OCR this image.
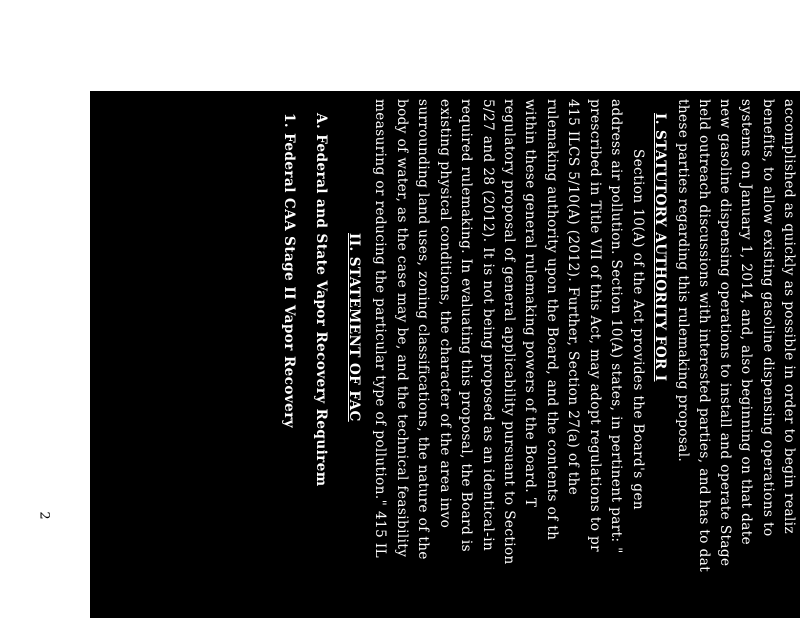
2	accomplished as quickly as possible in order to begin realiz
benefits, to allow existing gasoline dispensing operations to
systems on January 1, 2014, and, also beginning on that date
new gasoline dispensing operations to install and operate Stage
held outreach discussions with interested parties, and has to dat
these parties regarding this rulemaking proposal.
I. STATUTORY AUTHORITY FOR I
Section 10(A) of the Act provides the Board's gen
address air pollution. Section 10(A) states, in pertinent part: "
prescribed in Title VII of this Act, may adopt regulations to pr
415 ILCS 5/10(A) (2012). Further, Section 27(a) of the
rulemaking authority upon the Board, and the contents of th
within these general rulemaking powers of the Board. T
regulatory proposal of general applicability pursuant to Section
5/27 and 28 (2012). It is not being proposed as an identical-in
required rulemaking. In evaluating this proposal, the Board is
existing physical conditions, the character of the area invo
surrounding land uses, zoning classifications, the nature of the
body of water, as the case may be, and the technical feasibility
measuring or reducing the particular type of pollution." 415 IL
II. STATEMENT OF FAC
A. Federal and State Vapor Recovery Requirem
1. Federal CAA Stage II Vapor Recovery
